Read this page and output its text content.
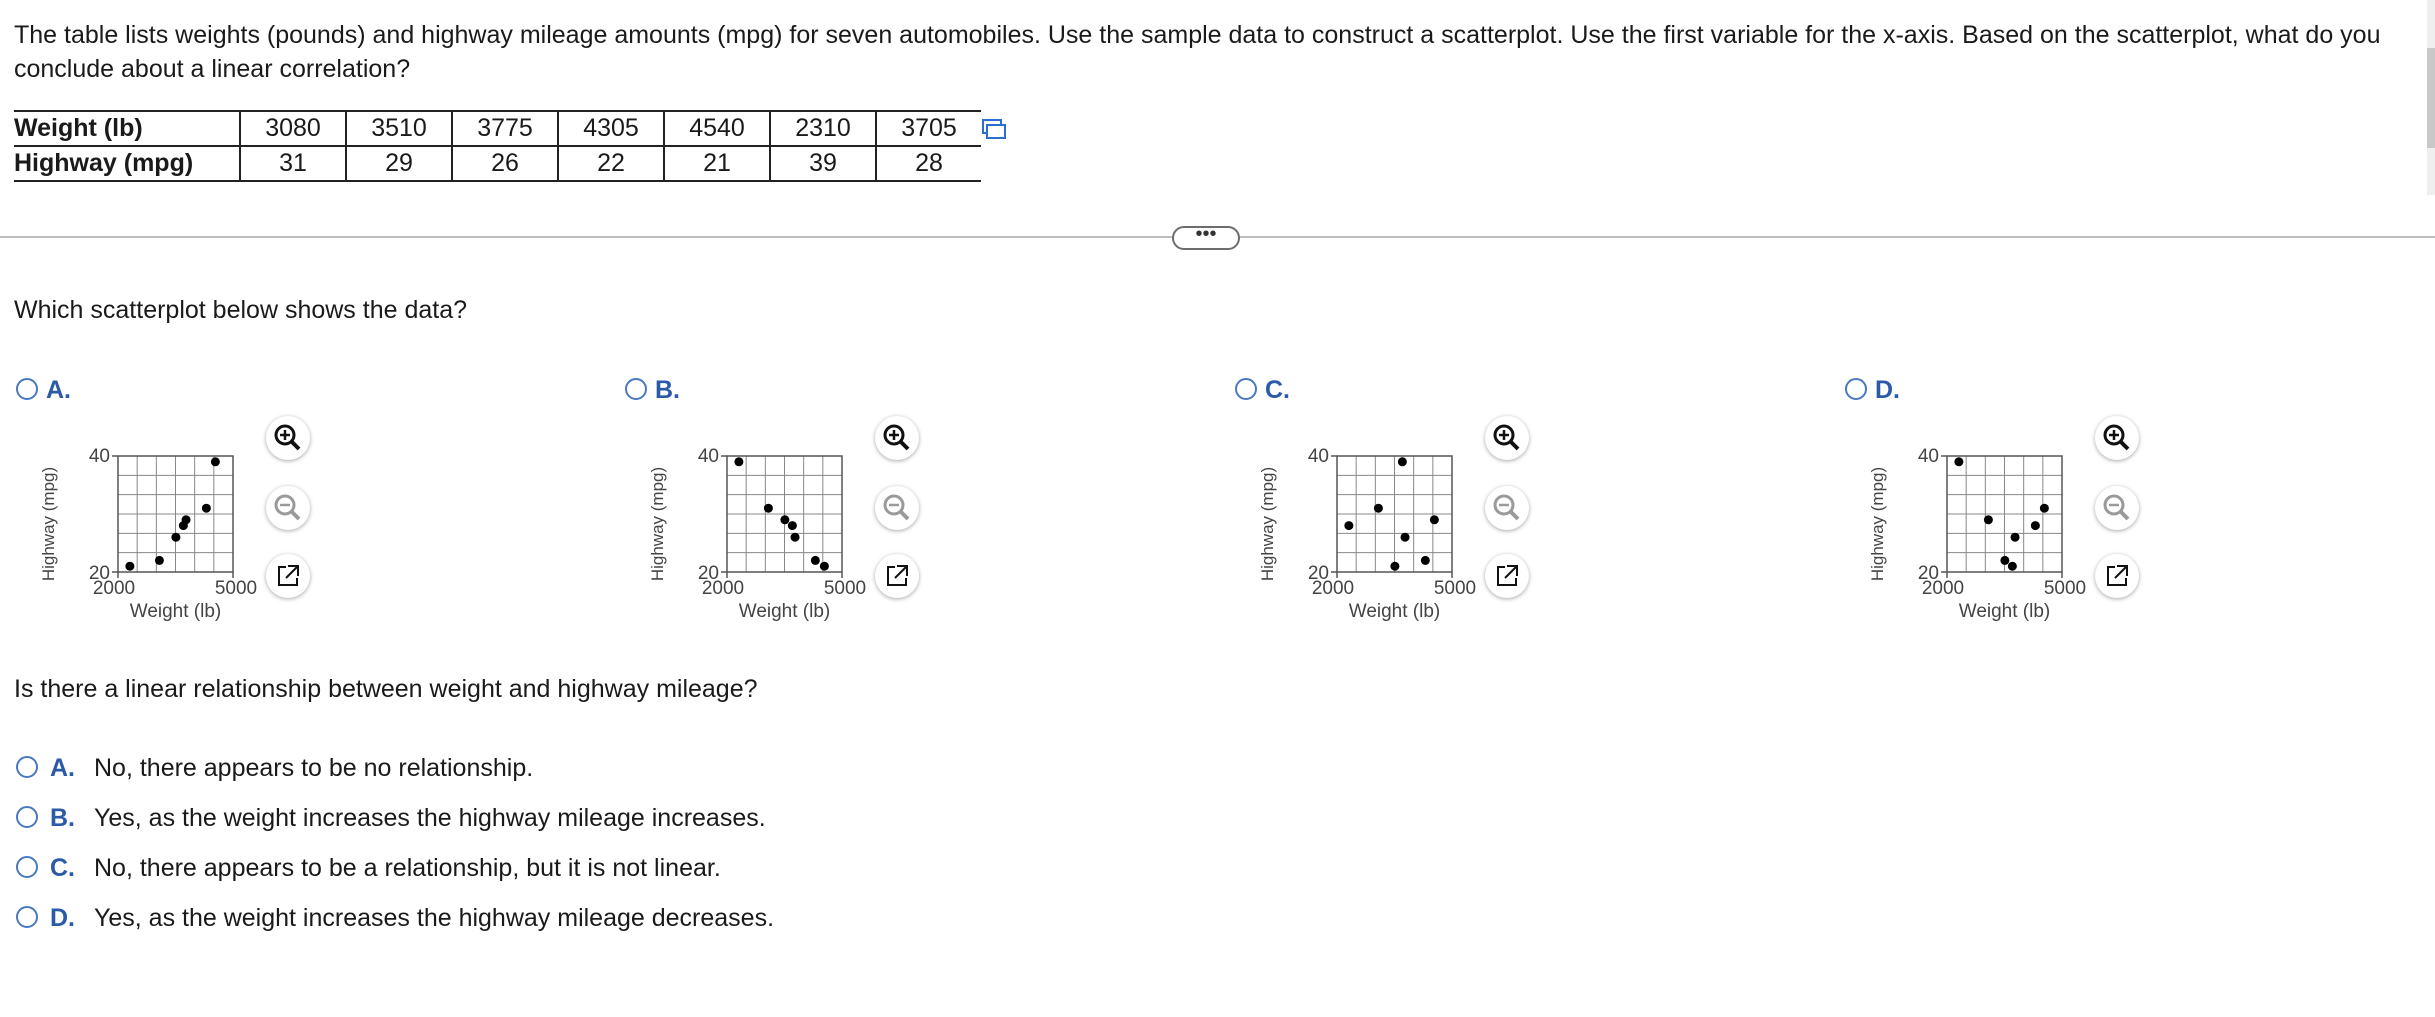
The table lists weights (pounds) and highway mileage amounts (mpg) for seven automobiles. Use the sample data to construct a scatterplot. Use the first variable for the x-axis. Based on the scatterplot, what do you conclude about a linear correlation?

Weight (lb)	3080	3510	3775	4305	4540	2310	3705
Highway (mpg)	31	29	26	22	21	39	28
•••

Which scatterplot below shows the data?

A.
40
20
2000	5000
Weight (lb)
Highway (mpg)
B.
40
20
2000	5000
Weight (lb)
Highway (mpg)
C.
40
20
2000	5000
Weight (lb)
Highway (mpg)
D.
40
20
2000	5000
Weight (lb)
Highway (mpg)

Is there a linear relationship between weight and highway mileage?

A. No, there appears to be no relationship.
B. Yes, as the weight increases the highway mileage increases.
C. No, there appears to be a relationship, but it is not linear.
D. Yes, as the weight increases the highway mileage decreases.
